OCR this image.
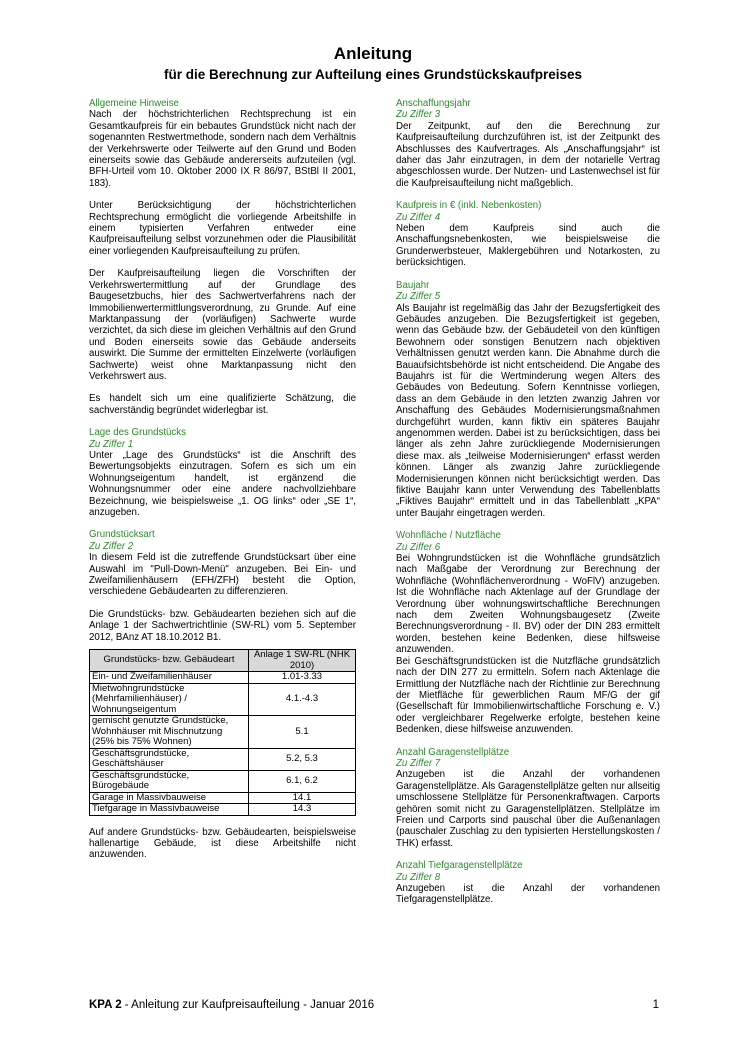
Anleitung
für die Berechnung zur Aufteilung eines Grundstückskaufpreises
Allgemeine Hinweise

Nach der höchstrichterlichen Rechtsprechung ist ein Gesamtkaufpreis für ein bebautes Grundstück nicht nach der sogenannten Restwertmethode, sondern nach dem Verhältnis der Verkehrswerte oder Teilwerte auf den Grund und Boden einerseits sowie das Gebäude andererseits aufzuteilen (vgl. BFH-Urteil vom 10. Oktober 2000 IX R 86/97, BStBl II 2001, 183).

Unter Berücksichtigung der höchstrichterlichen Rechtsprechung ermöglicht die vorliegende Arbeitshilfe in einem typisierten Verfahren entweder eine Kaufpreisaufteilung selbst vorzunehmen oder die Plausibilität einer vorliegenden Kaufpreisaufteilung zu prüfen.

Der Kaufpreisaufteilung liegen die Vorschriften der Verkehrswertermittlung auf der Grundlage des Baugesetzbuchs, hier des Sachwertverfahrens nach der Immobilienwertermittlungsverordnung, zu Grunde. Auf eine Marktanpassung der (vorläufigen) Sachwerte wurde verzichtet, da sich diese im gleichen Verhältnis auf den Grund und Boden einerseits sowie das Gebäude anderseits auswirkt. Die Summe der ermittelten Einzelwerte (vorläufigen Sachwerte) weist ohne Marktanpassung nicht den Verkehrswert aus.

Es handelt sich um eine qualifizierte Schätzung, die sachverständig begründet widerlegbar ist.

Lage des Grundstücks
Zu Ziffer 1

Unter „Lage des Grundstücks“ ist die Anschrift des Bewertungsobjekts einzutragen. Sofern es sich um ein Wohnungseigentum handelt, ist ergänzend die Wohnungsnummer oder eine andere nachvollziehbare Bezeichnung, wie beispielsweise „1. OG links“ oder „SE 1“, anzugeben.

Grundstücksart
Zu Ziffer 2

In diesem Feld ist die zutreffende Grundstücksart über eine Auswahl im "Pull-Down-Menü" anzugeben. Bei Ein- und Zweifamilienhäusern (EFH/ZFH) besteht die Option, verschiedene Gebäudearten zu differenzieren.

Die Grundstücks- bzw. Gebäudearten beziehen sich auf die Anlage 1 der Sachwertrichtlinie (SW-RL) vom 5. September 2012, BAnz AT 18.10.2012 B1.

Grundstücks- bzw. Gebäudeart	Anlage 1 SW-RL (NHK 2010)
Ein- und Zweifamilienhäuser	1.01-3.33
Mietwohngrundstücke (Mehrfamilienhäuser) / Wohnungseigentum	4.1.-4.3
gemischt genutzte Grundstücke, Wohnhäuser mit Mischnutzung (25% bis 75% Wohnen)	5.1
Geschäftsgrundstücke, Geschäftshäuser	5.2, 5.3
Geschäftsgrundstücke, Bürogebäude	6.1, 6.2
Garage in Massivbauweise	14.1
Tiefgarage in Massivbauweise	14.3

Auf andere Grundstücks- bzw. Gebäudearten, beispielsweise hallenartige Gebäude, ist diese Arbeitshilfe nicht anzuwenden.

Anschaffungsjahr
Zu Ziffer 3

Der Zeitpunkt, auf den die Berechnung zur Kaufpreisaufteilung durchzuführen ist, ist der Zeitpunkt des Abschlusses des Kaufvertrages. Als „Anschaffungsjahr“ ist daher das Jahr einzutragen, in dem der notarielle Vertrag abgeschlossen wurde. Der Nutzen- und Lastenwechsel ist für die Kaufpreisaufteilung nicht maßgeblich.

Kaufpreis in € (inkl. Nebenkosten)
Zu Ziffer 4

Neben dem Kaufpreis sind auch die Anschaffungsnebenkosten, wie beispielsweise die Grunderwerbsteuer, Maklergebühren und Notarkosten, zu berücksichtigen.

Baujahr
Zu Ziffer 5

Als Baujahr ist regelmäßig das Jahr der Bezugsfertigkeit des Gebäudes anzugeben. Die Bezugsfertigkeit ist gegeben, wenn das Gebäude bzw. der Gebäudeteil von den künftigen Bewohnern oder sonstigen Benutzern nach objektiven Verhältnissen genutzt werden kann. Die Abnahme durch die Bauaufsichtsbehörde ist nicht entscheidend. Die Angabe des Baujahrs ist für die Wertminderung wegen Alters des Gebäudes von Bedeutung. Sofern Kenntnisse vorliegen, dass an dem Gebäude in den letzten zwanzig Jahren vor Anschaffung des Gebäudes Modernisierungsmaßnahmen durchgeführt wurden, kann fiktiv ein späteres Baujahr angenommen werden. Dabei ist zu berücksichtigen, dass bei länger als zehn Jahre zurückliegende Modernisierungen diese max. als „teilweise Modernisierungen“ erfasst werden können. Länger als zwanzig Jahre zurückliegende Modernisierungen können nicht berücksichtigt werden. Das fiktive Baujahr kann unter Verwendung des Tabellenblatts „Fiktives Baujahr“ ermittelt und in das Tabellenblatt „KPA“ unter Baujahr eingetragen werden.

Wohnfläche / Nutzfläche
Zu Ziffer 6

Bei Wohngrundstücken ist die Wohnfläche grundsätzlich nach Maßgabe der Verordnung zur Berechnung der Wohnfläche (Wohnflächenverordnung - WoFlV) anzugeben. Ist die Wohnfläche nach Aktenlage auf der Grundlage der Verordnung über wohnungswirtschaftliche Berechnungen nach dem Zweiten Wohnungsbaugesetz (Zweite Berechnungsverordnung - II. BV) oder der DIN 283 ermittelt worden, bestehen keine Bedenken, diese hilfsweise anzuwenden.

Bei Geschäftsgrundstücken ist die Nutzfläche grundsätzlich nach der DIN 277 zu ermitteln. Sofern nach Aktenlage die Ermittlung der Nutzfläche nach der Richtlinie zur Berechnung der Mietfläche für gewerblichen Raum MF/G der gif (Gesellschaft für Immobilienwirtschaftliche Forschung e. V.) oder vergleichbarer Regelwerke erfolgte, bestehen keine Bedenken, diese hilfsweise anzuwenden.

Anzahl Garagenstellplätze
Zu Ziffer 7

Anzugeben ist die Anzahl der vorhandenen Garagenstellplätze. Als Garagenstellplätze gelten nur allseitig umschlossene Stellplätze für Personenkraftwagen. Carports gehören somit nicht zu Garagenstellplätzen. Stellplätze im Freien und Carports sind pauschal über die Außenanlagen (pauschaler Zuschlag zu den typisierten Herstellungskosten / THK) erfasst.

Anzahl Tiefgaragenstellplätze
Zu Ziffer 8

Anzugeben ist die Anzahl der vorhandenen Tiefgaragenstellplätze.

KPA 2 - Anleitung zur Kaufpreisaufteilung - Januar 2016	1
